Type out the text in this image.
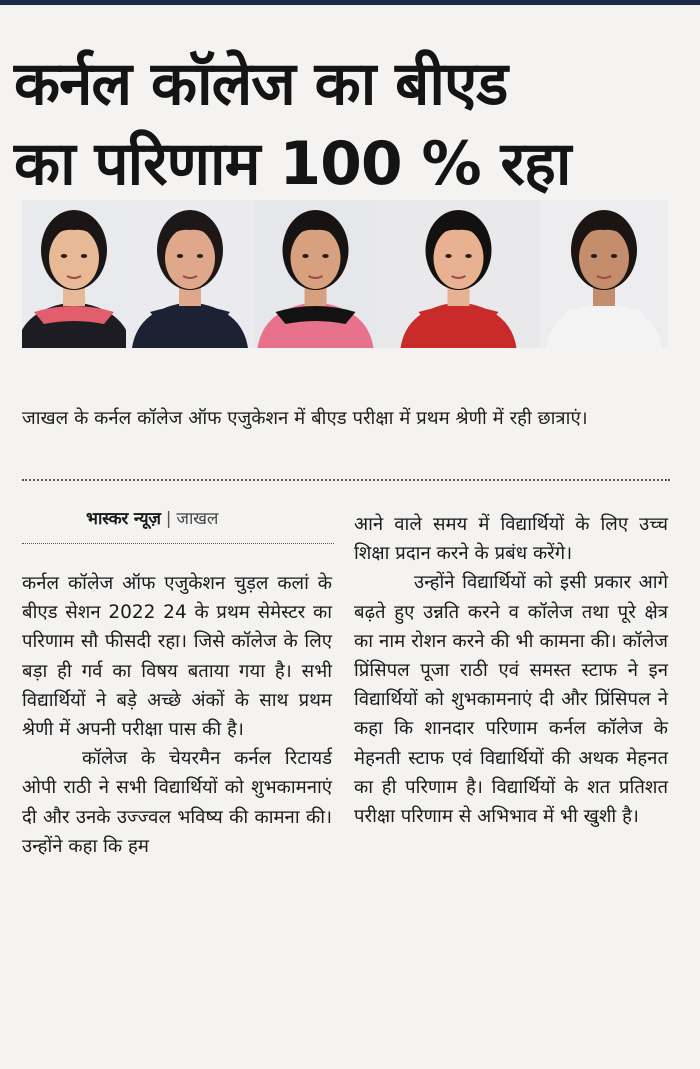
कर्नल कॉलेज का बीएड
का परिणाम 100 % रहा
जाखल के कर्नल कॉलेज ऑफ एजुकेशन में बीएड परीक्षा में प्रथम श्रेणी में रही छात्राएं।
भास्कर न्यूज़ | जाखल

कर्नल कॉलेज ऑफ एजुकेशन चुड़ल कलां के बीएड सेशन 2022 24 के प्रथम सेमेस्टर का परिणाम सौ फीसदी रहा। जिसे कॉलेज के लिए बड़ा ही गर्व का विषय बताया गया है। सभी विद्यार्थियों ने बड़े अच्छे अंकों के साथ प्रथम श्रेणी में अपनी परीक्षा पास की है।

कॉलेज के चेयरमैन कर्नल रिटायर्ड ओपी राठी ने सभी विद्यार्थियों को शुभकामनाएं दी और उनके उज्ज्वल भविष्य की कामना की। उन्होंने कहा कि हम

आने वाले समय में विद्यार्थियों के लिए उच्च शिक्षा प्रदान करने के प्रबंध करेंगे।

उन्होंने विद्यार्थियों को इसी प्रकार आगे बढ़ते हुए उन्नति करने व कॉलेज तथा पूरे क्षेत्र का नाम रोशन करने की भी कामना की। कॉलेज प्रिंसिपल पूजा राठी एवं समस्त स्टाफ ने इन विद्यार्थियों को शुभकामनाएं दी और प्रिंसिपल ने कहा कि शानदार परिणाम कर्नल कॉलेज के मेहनती स्टाफ एवं विद्यार्थियों की अथक मेहनत का ही परिणाम है। विद्यार्थियों के शत प्रतिशत परीक्षा परिणाम से अभिभाव में भी खुशी है।
